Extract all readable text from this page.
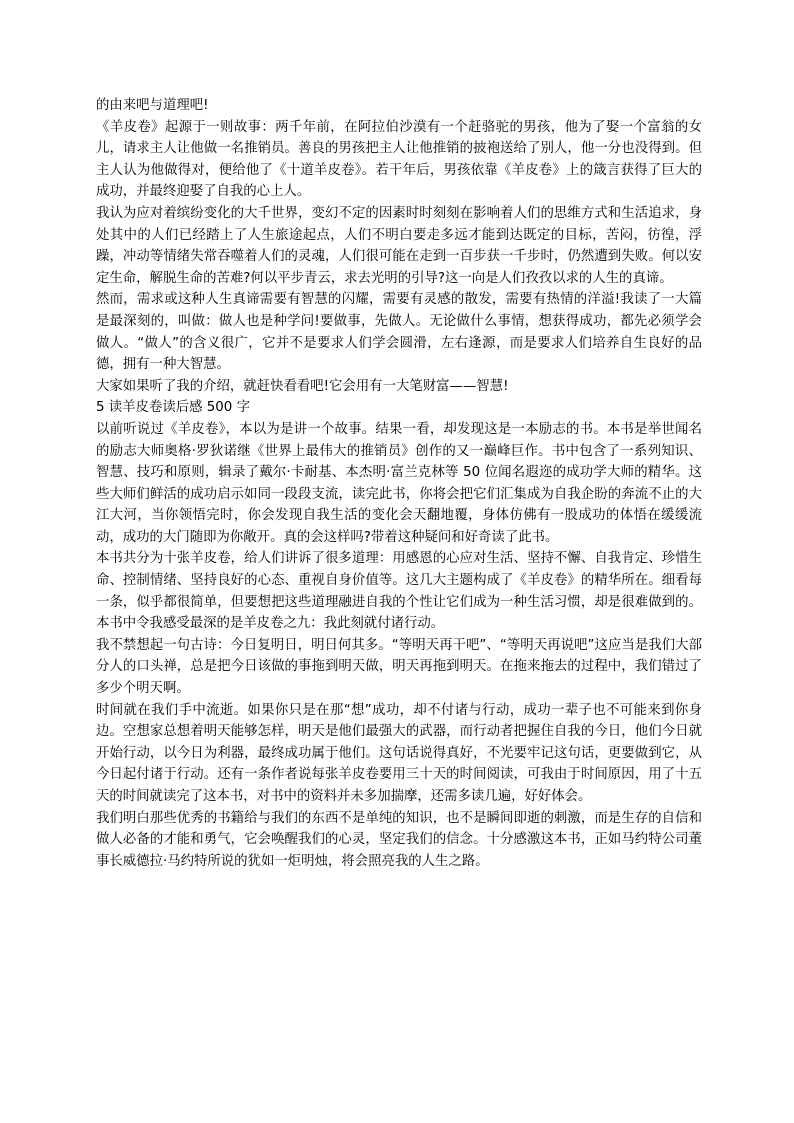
的由来吧与道理吧!

《羊皮卷》起源于一则故事：两千年前，在阿拉伯沙漠有一个赶骆驼的男孩，他为了娶一个富翁的女儿，请求主人让他做一名推销员。善良的男孩把主人让他推销的披袍送给了别人，他一分也没得到。但主人认为他做得对，便给他了《十道羊皮卷》。若干年后，男孩依靠《羊皮卷》上的箴言获得了巨大的成功，并最终迎娶了自我的心上人。

我认为应对着缤纷变化的大千世界，变幻不定的因素时时刻刻在影响着人们的思维方式和生活追求，身处其中的人们已经踏上了人生旅途起点，人们不明白要走多远才能到达既定的目标，苦闷，彷徨，浮躁，冲动等情绪失常吞噬着人们的灵魂，人们很可能在走到一百步获一千步时，仍然遭到失败。何以安定生命，解脱生命的苦难?何以平步青云，求去光明的引导?这一向是人们孜孜以求的人生的真谛。

然而，需求或这种人生真谛需要有智慧的闪耀，需要有灵感的散发，需要有热情的洋溢!我读了一大篇是最深刻的，叫做：做人也是种学问!要做事，先做人。无论做什么事情，想获得成功，都先必须学会做人。“做人”的含义很广，它并不是要求人们学会圆滑，左右逢源，而是要求人们培养自生良好的品德，拥有一种大智慧。

大家如果听了我的介绍，就赶快看看吧!它会用有一大笔财富——智慧!

5 读羊皮卷读后感 500 字

以前听说过《羊皮卷》，本以为是讲一个故事。结果一看，却发现这是一本励志的书。本书是举世闻名的励志大师奥格·罗狄诺继《世界上最伟大的推销员》创作的又一巅峰巨作。书中包含了一系列知识、智慧、技巧和原则，辑录了戴尔·卡耐基、本杰明·富兰克林等 50 位闻名遐迩的成功学大师的精华。这些大师们鲜活的成功启示如同一段段支流，读完此书，你将会把它们汇集成为自我企盼的奔流不止的大江大河，当你领悟完时，你会发现自我生活的变化会天翻地覆，身体仿佛有一股成功的体悟在缓缓流动，成功的大门随即为你敞开。真的会这样吗?带着这种疑问和好奇读了此书。

本书共分为十张羊皮卷，给人们讲诉了很多道理：用感恩的心应对生活、坚持不懈、自我肯定、珍惜生命、控制情绪、坚持良好的心态、重视自身价值等。这几大主题构成了《羊皮卷》的精华所在。细看每一条，似乎都很简单，但要想把这些道理融进自我的个性让它们成为一种生活习惯，却是很难做到的。本书中令我感受最深的是羊皮卷之九：我此刻就付诸行动。

我不禁想起一句古诗：今日复明日，明日何其多。“等明天再干吧”、“等明天再说吧”这应当是我们大部分人的口头禅，总是把今日该做的事拖到明天做，明天再拖到明天。在拖来拖去的过程中，我们错过了多少个明天啊。

时间就在我们手中流逝。如果你只是在那“想”成功，却不付诸与行动，成功一辈子也不可能来到你身边。空想家总想着明天能够怎样，明天是他们最强大的武器，而行动者把握住自我的今日，他们今日就开始行动，以今日为利器，最终成功属于他们。这句话说得真好，不光要牢记这句话，更要做到它，从今日起付诸于行动。还有一条作者说每张羊皮卷要用三十天的时间阅读，可我由于时间原因，用了十五天的时间就读完了这本书，对书中的资料并未多加揣摩，还需多读几遍，好好体会。

我们明白那些优秀的书籍给与我们的东西不是单纯的知识，也不是瞬间即逝的刺激，而是生存的自信和做人必备的才能和勇气，它会唤醒我们的心灵，坚定我们的信念。十分感激这本书，正如马约特公司董事长威德拉·马约特所说的犹如一炬明烛，将会照亮我的人生之路。
